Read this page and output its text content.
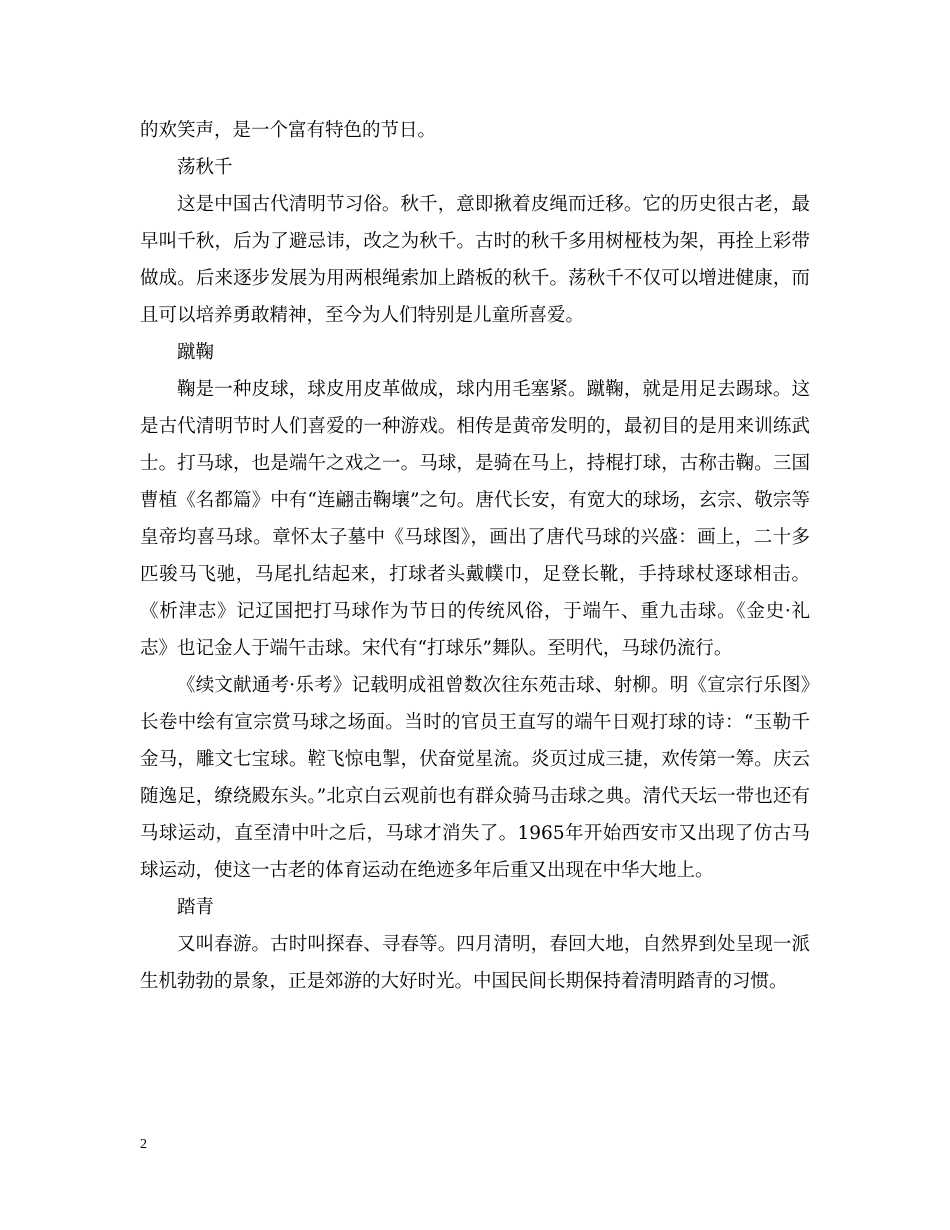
的欢笑声，是一个富有特色的节日。

荡秋千

这是中国古代清明节习俗。秋千，意即揪着皮绳而迁移。它的历史很古老，最早叫千秋，后为了避忌讳，改之为秋千。古时的秋千多用树桠枝为架，再拴上彩带做成。后来逐步发展为用两根绳索加上踏板的秋千。荡秋千不仅可以增进健康，而且可以培养勇敢精神，至今为人们特别是儿童所喜爱。

蹴鞠

鞠是一种皮球，球皮用皮革做成，球内用毛塞紧。蹴鞠，就是用足去踢球。这是古代清明节时人们喜爱的一种游戏。相传是黄帝发明的，最初目的是用来训练武士。打马球，也是端午之戏之一。马球，是骑在马上，持棍打球，古称击鞠。三国曹植《名都篇》中有“连翩击鞠壤”之句。唐代长安，有宽大的球场，玄宗、敬宗等皇帝均喜马球。章怀太子墓中《马球图》，画出了唐代马球的兴盛：画上，二十多匹骏马飞驰，马尾扎结起来，打球者头戴幞巾，足登长靴，手持球杖逐球相击。《析津志》记辽国把打马球作为节日的传统风俗，于端午、重九击球。《金史·礼志》也记金人于端午击球。宋代有“打球乐”舞队。至明代，马球仍流行。

《续文献通考·乐考》记载明成祖曾数次往东苑击球、射柳。明《宣宗行乐图》长卷中绘有宣宗赏马球之场面。当时的官员王直写的端午日观打球的诗：“玉勒千金马，雕文七宝球。鞚飞惊电掣，伏奋觉星流。炎页过成三捷，欢传第一筹。庆云随逸足，缭绕殿东头。”北京白云观前也有群众骑马击球之典。清代天坛一带也还有马球运动，直至清中叶之后，马球才消失了。1965年开始西安市又出现了仿古马球运动，使这一古老的体育运动在绝迹多年后重又出现在中华大地上。

踏青

又叫春游。古时叫探春、寻春等。四月清明，春回大地，自然界到处呈现一派生机勃勃的景象，正是郊游的大好时光。中国民间长期保持着清明踏青的习惯。

2
